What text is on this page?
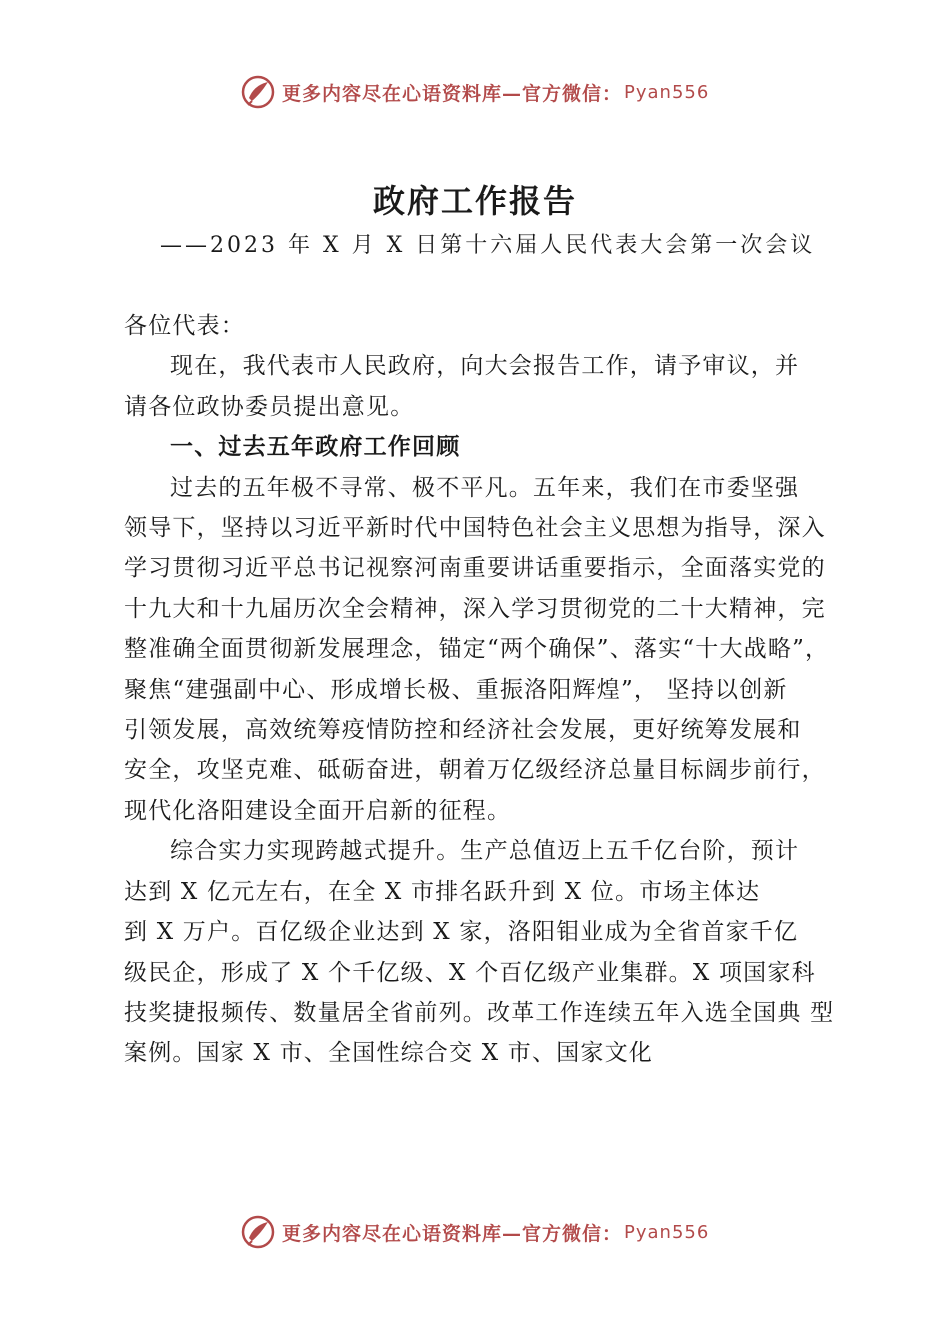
更多内容尽在心语资料库—官方微信： Pyan556
政府工作报告
——2023 年 X 月 X 日第十六届人民代表大会第一次会议

各位代表：

现在，我代表市人民政府，向大会报告工作，请予审议，并
请各位政协委员提出意见。

一、过去五年政府工作回顾

过去的五年极不寻常、极不平凡。五年来，我们在市委坚强
领导下，坚持以习近平新时代中国特色社会主义思想为指导，深入
学习贯彻习近平总书记视察河南重要讲话重要指示，全面落实党的
十九大和十九届历次全会精神，深入学习贯彻党的二十大精神，完
整准确全面贯彻新发展理念，锚定“两个确保”、落实“十大战略”，
聚焦“建强副中心、形成增长极、重振洛阳辉煌”， 坚持以创新
引领发展，高效统筹疫情防控和经济社会发展，更好统筹发展和
安全，攻坚克难、砥砺奋进，朝着万亿级经济总量目标阔步前行，
现代化洛阳建设全面开启新的征程。

综合实力实现跨越式提升。生产总值迈上五千亿台阶，预计
达到 X 亿元左右，在全 X 市排名跃升到 X 位。市场主体达
到 X 万户。百亿级企业达到 X 家，洛阳钼业成为全省首家千亿
级民企，形成了 X 个千亿级、X 个百亿级产业集群。X 项国家科
技奖捷报频传、数量居全省前列。改革工作连续五年入选全国典 型
案例。国家 X 市、全国性综合交 X 市、国家文化

更多内容尽在心语资料库—官方微信： Pyan556
